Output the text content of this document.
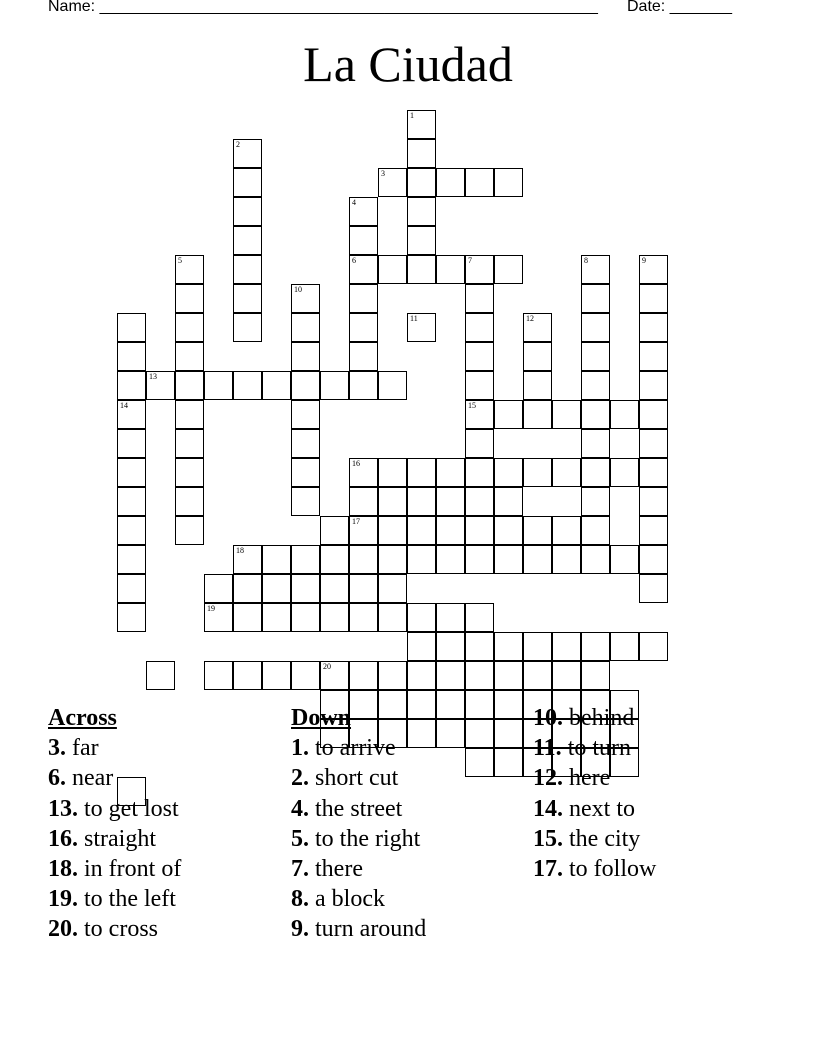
Name: ________________________________________________________ Date: _______
La Ciudad
1
2
3
4
6
5	7	8	9
10
15
12
14
13
16
17
19
20
11
18
Across
3. far
6. near
13. to get lost
16. straight
18. in front of
19. to the left
20. to cross
Down
1. to arrive
2. short cut
4. the street
5. to the right
7. there
8. a block
9. turn around
10. behind
11. to turn
12. here
14. next to
15. the city
17. to follow
